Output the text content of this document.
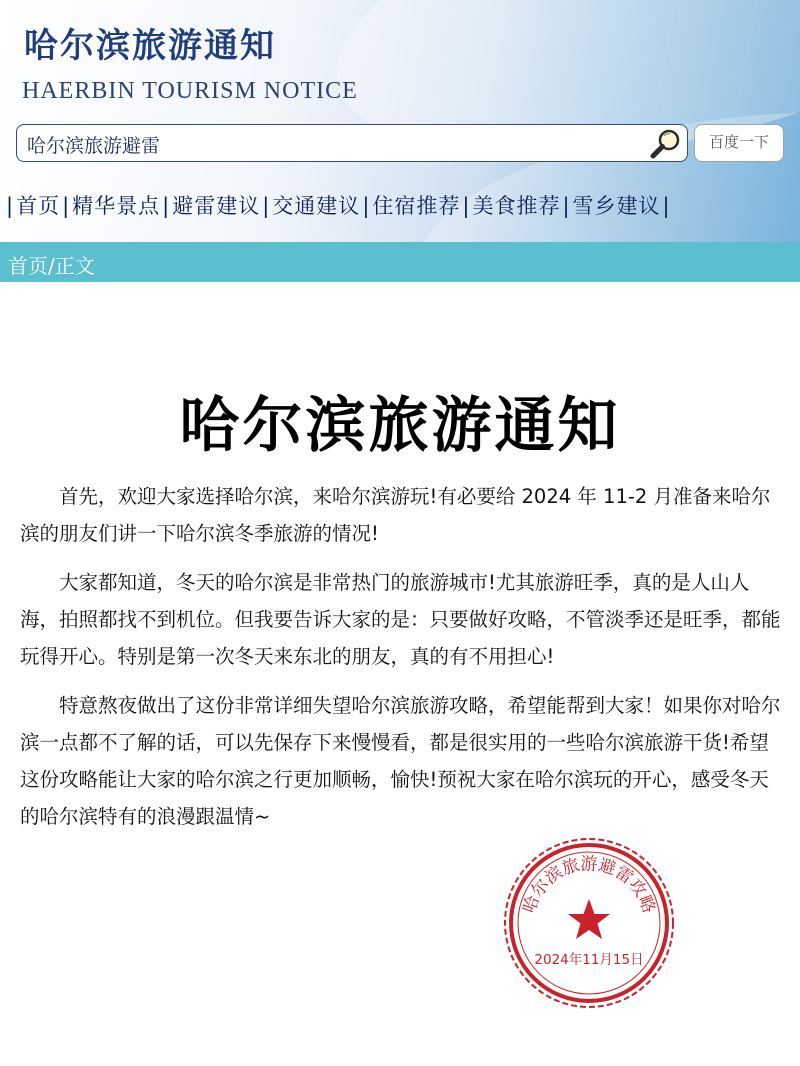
哈尔滨旅游通知
HAERBIN TOURISM NOTICE
哈尔滨旅游避雷
百度一下
|首页|精华景点|避雷建议|交通建议|住宿推荐|美食推荐|雪乡建议|
首页/正文
哈尔滨旅游通知
首先，欢迎大家选择哈尔滨，来哈尔滨游玩!有必要给 2024 年 11-2 月准备来哈尔滨的朋友们讲一下哈尔滨冬季旅游的情况!
大家都知道，冬天的哈尔滨是非常热门的旅游城市!尤其旅游旺季，真的是人山人海，拍照都找不到机位。但我要告诉大家的是：只要做好攻略，不管淡季还是旺季，都能玩得开心。特别是第一次冬天来东北的朋友，真的有不用担心!
特意熬夜做出了这份非常详细失望哈尔滨旅游攻略，希望能帮到大家！如果你对哈尔滨一点都不了解的话，可以先保存下来慢慢看，都是很实用的一些哈尔滨旅游干货!希望这份攻略能让大家的哈尔滨之行更加顺畅，愉快!预祝大家在哈尔滨玩的开心，感受冬天的哈尔滨特有的浪漫跟温情~
哈尔滨旅游避雷攻略
2024年11月15日
